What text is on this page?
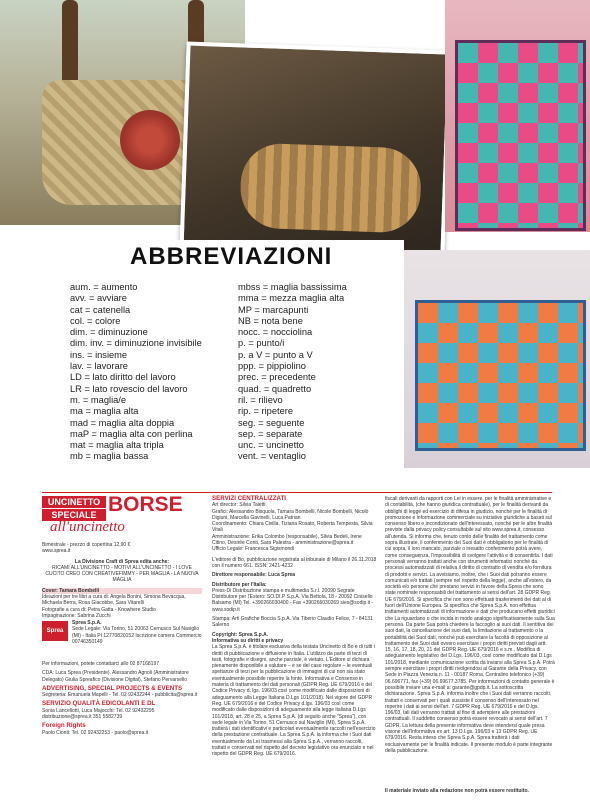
ABBREVIAZIONI
aum. = aumento
avv. = avviare
cat = catenella
col. = colore
dim. = diminuzione
dim. inv. = diminuzione invisibile
ins. = insieme
lav. = lavorare
LD = lato diritto del lavoro
LR = lato rovescio del lavoro
m. = maglia/e
ma = maglia alta
mad = maglia alta doppia
maP = maglia alta con perlina
mat = maglia alta tripla
mb = maglia bassa
mbss = maglia bassissima
mma = mezza maglia alta
MP = marcapunti
NB = nota bene
nocc. = nocciolina
p. = punto/i
p. a V = punto a V
ppp. = pippiolino
prec. = precedente
quad. = quadretto
ril. = rilievo
rip. = ripetere
seg. = seguente
sep. = separate
unc. = uncinetto
vent. = ventaglio
UNCINETTO
SPECIALE BORSE
all'uncinetto
Bimestrale - prezzo di copertina 12,90 €
www.sprea.it
La Divisione Craft di Sprea edita anche:
RICAMI ALL'UNCINETTO - MOTIVI ALL'UNCINETTO - I LOVE CUCITO CREO CON CREATIVEFIMMY - PER MAGLIA - LA NUOVA MAGLIA
Cover: Tamara Bombelli
Ideazioni per tre libri a cura di: Angela Bonini, Simona Bevacqua, Michaela Berra, Rosa Giacobbe, Sara Vitarelli
Fotografie a cura di: Petra Gatta - Knowhere Studio
Impaginazione: Sabrina Zucchi
Sprea
Sprea S.p.A.
Sede Legale: Via Torino, 51 20063 Cernusco Sul Naviglio (MI) - Italia PI 12770820152 Iscrizione camera Commercio 00746350149
Per informazioni, potete contattarci allo 02 87168197
CDA: Luca Sprea (Presidente), Alessandro Agnoli (Amministratore Delegato) Giulia Spreafico (Divisione Digital), Stefano Pervarsello
ADVERTISING, SPECIAL PROJECTS & EVENTS
Segreteria: Emanuela Mapelli - Tel. 02 92432244 - pubblicita@sprea.it
SERVIZIO QUALITÀ EDICOLANTI E DL
Sonia Lancellotti, Luca Majocchi: Tel. 02 92432295 distribuzione@sprea.it 351 5582739
Foreign Rights
Paolo Cionti: Tel. 02 92432253 - paolo@sprea.it
SERVIZI CENTRALIZZATI
Art director: Silvia Taietti
Grafici: Alessandro Bisquola, Tamara Bombelli, Nicole Bombelli, Nicolò Digiuni, Marcella Gavinelli, Luca Patrian
Coordinamento: Chiara Civilla, Tiziana Rosato, Roberta Tempesta, Silvia Vitali
Amministrazione: Erika Colombo (responsabile), Silvia Bedeli, Irene Citino, Desirée Conti, Sara Palestra - amministrazione@sprea.it
Ufficio Legale: Francesca Sigismondi
L'editore di Bo, pubblicazione registrata al tribunale di Milano il 26.11.2018 con il numero 661. ISSN: 2421-4232
Direttore responsabile: Luca Sprea
Distributore per l'Italia:
Press-Di Distribuzione stampa e multimedia S.r.l. 20090 Segrate
Distributore per l'Estero: SO.DI.P S.p.A. Via Bettola, 18 - 20092 Cinisello Balsamo (MI) Tel. +390266030400 - Fax +390266030269 sies@sodip.it - www.sodip.it
Stampa: Arti Grafiche Boccia S.p.A. Via Tiberio Claudio Felice, 7 - 84131 Salerno
Copyright: Sprea S.p.A.
Informativa su diritti e privacy
La Sprea S.p.A. è titolare esclusiva della testata Uncinetto di Bo e di tutti i diritti di pubblicazione e diffusione in Italia. L'utilizzo da parte di terzi di testi, fotografie e disegni, anche parziale, è vietato. L'Editore si dichiara pienamente disponibile a valutare – e se del caso regolare – le eventuali spettanze di terzi per la pubblicazione di immagini di cui non sia stato eventualmente possibile reperire la fonte. Informativa e Consenso in materia di trattamento dei dati personali (GDPR Reg. UE 679/2016 e del Codice Privacy d. lgs. 196/03 così come modificato dalle disposizioni di adeguamento alla Legge Italiana D.Lgs 101/2018). Nel vigore del GDPR Reg. UE 679/2016 e del Codice Privacy d.lgs. 196/03 così come modificato dalle disposizioni di adeguamento alla legge italiana D.Lgs 101/2018, art. 28 e 25, a Sprea S.p.A. (di seguito anche “Sprea”), con sede legale in Via Torino, 51 Cernusco sul Naviglio (MI), Sprea S.p.A. tratterà i dati identificativi e particolari eventualmente raccolti nell'esercizio della prestazione contrattuale. La Sprea S.p.A. la informa che i Suoi dati eventualmente da Lei trasmessi alla Sprea S.p.A., verranno raccolti, trattati e conservati nel rispetto del decreto legislativo ora enunciato e nel rispetto del GDPR Reg. UE 679/2016.
fiscali derivanti da rapporti con Lei in essere, per le finalità amministrative e di contabilità, (che hanno giuridica contrattuale), per le finalità derivanti da obblighi di legge ed esercizio di difesa in giudizio, nonché per le finalità di promozione e informazione commerciale su iniziative giuridiche a basati sul consenso libero e incondizionato dell'interessato, nonché per le altre finalità previste dalla privacy policy consultabile sul sito www.sprea.it, consesso all'utenda. Si informa che, tenuto conto delle finalità del trattamento come sopra illustrate, il conferimento dei Suoi dati è obbligatorio per le finalità di cui sopra, il loro mancato, parziale o inesatto conferimento potrà avere, come conseguenza, l'impossibilità di svolgere l'attività e di consentirla. I dati personali verranno trattati anche con strumenti informatici nonché da processi automatizzati di relativa il diritto di contratto di vendita e/o fornitura di prodotti e servizi. La avvisiamo, inoltre, che i Suoi dati potranno essere comunicati e/o trattati (sempre nel rispetto della legge), anche all'estero, da società e/o persone che prestano servizi in favore della Sprea che sono state nominate responsabili del trattamento ai sensi dell'art. 28 GDPR Reg. UE 679/2016. Si specifica che non sono effettuati trasferimenti dei dati al di fuori dell'Unione Europea. Si specifica che Sprea S.p.A. non effettua trattamenti automatizzati di informazione e dati che producano effetti giuridici che La riguardano o che incida in modo analogo significativamente sulla Sua persona. Da parte Sua potrà chiedere la faccoglio ai suoi dati. Il sentitiva dei suoi dati, la cancellazione dei suoi dati, la limitazione al trattamento o la portabilità dei Suoi dati, nonché può esercitare la facoltà di opposizione al trattamento dei Suoi dati ovvero esercitare i propri diritti previsti dagli artt. 15, 16, 17, 18, 20, 21 del GDPR Reg. UE 679/2016 e s.m., Modifica di adeguamento legislativo del D.Lgs. 196/03, così come modificato dal D.Lgs 101/2018, mediante comunicazione scritta da inviarsi alla Sprea S.p.A. Potrà sempre esercitare i propri diritti rivolgendosi al Garante della Privacy, con Sede in Piazza Venezia n. 11 - 00187 Roma, Centralino telefonico (+39) 06.696771, fax (+39) 06.69677.3785. Per informazioni di contatto generale è possibile inviare una e-mail a: garante@gpdp.it. La sottoscritta dichiarazione. Sprea S.p.A. informa inoltre che i Suoi dati verranno raccolti, trattati e conservati per i quali sussiste il consenso dell'interessato nel reperire i dati ai sensi dell'art. 7 GDPR Reg. UE 679/2016 e del D.lgs. 196/03, tali dati verranno trattati al fine di adempiere alle prestazioni contrattuali. Il suddetto consenso potrà essere revocato ai sensi dell'art. 7 GDPR. La lettura della presente informativa deve intendersi quale presa visione dell'Informativa ex art. 13 D.Lgs. 196/03 e 13 GDPR Reg. UE 679/2016. Resta inteso che Sprea S.p.A. Sprea tratterà i dati esclusivamente per le finalità indicate. Il presente modulo è parte integrante della pubblicazione.
Il materiale inviato alla redazione non potrà essere restituito.
